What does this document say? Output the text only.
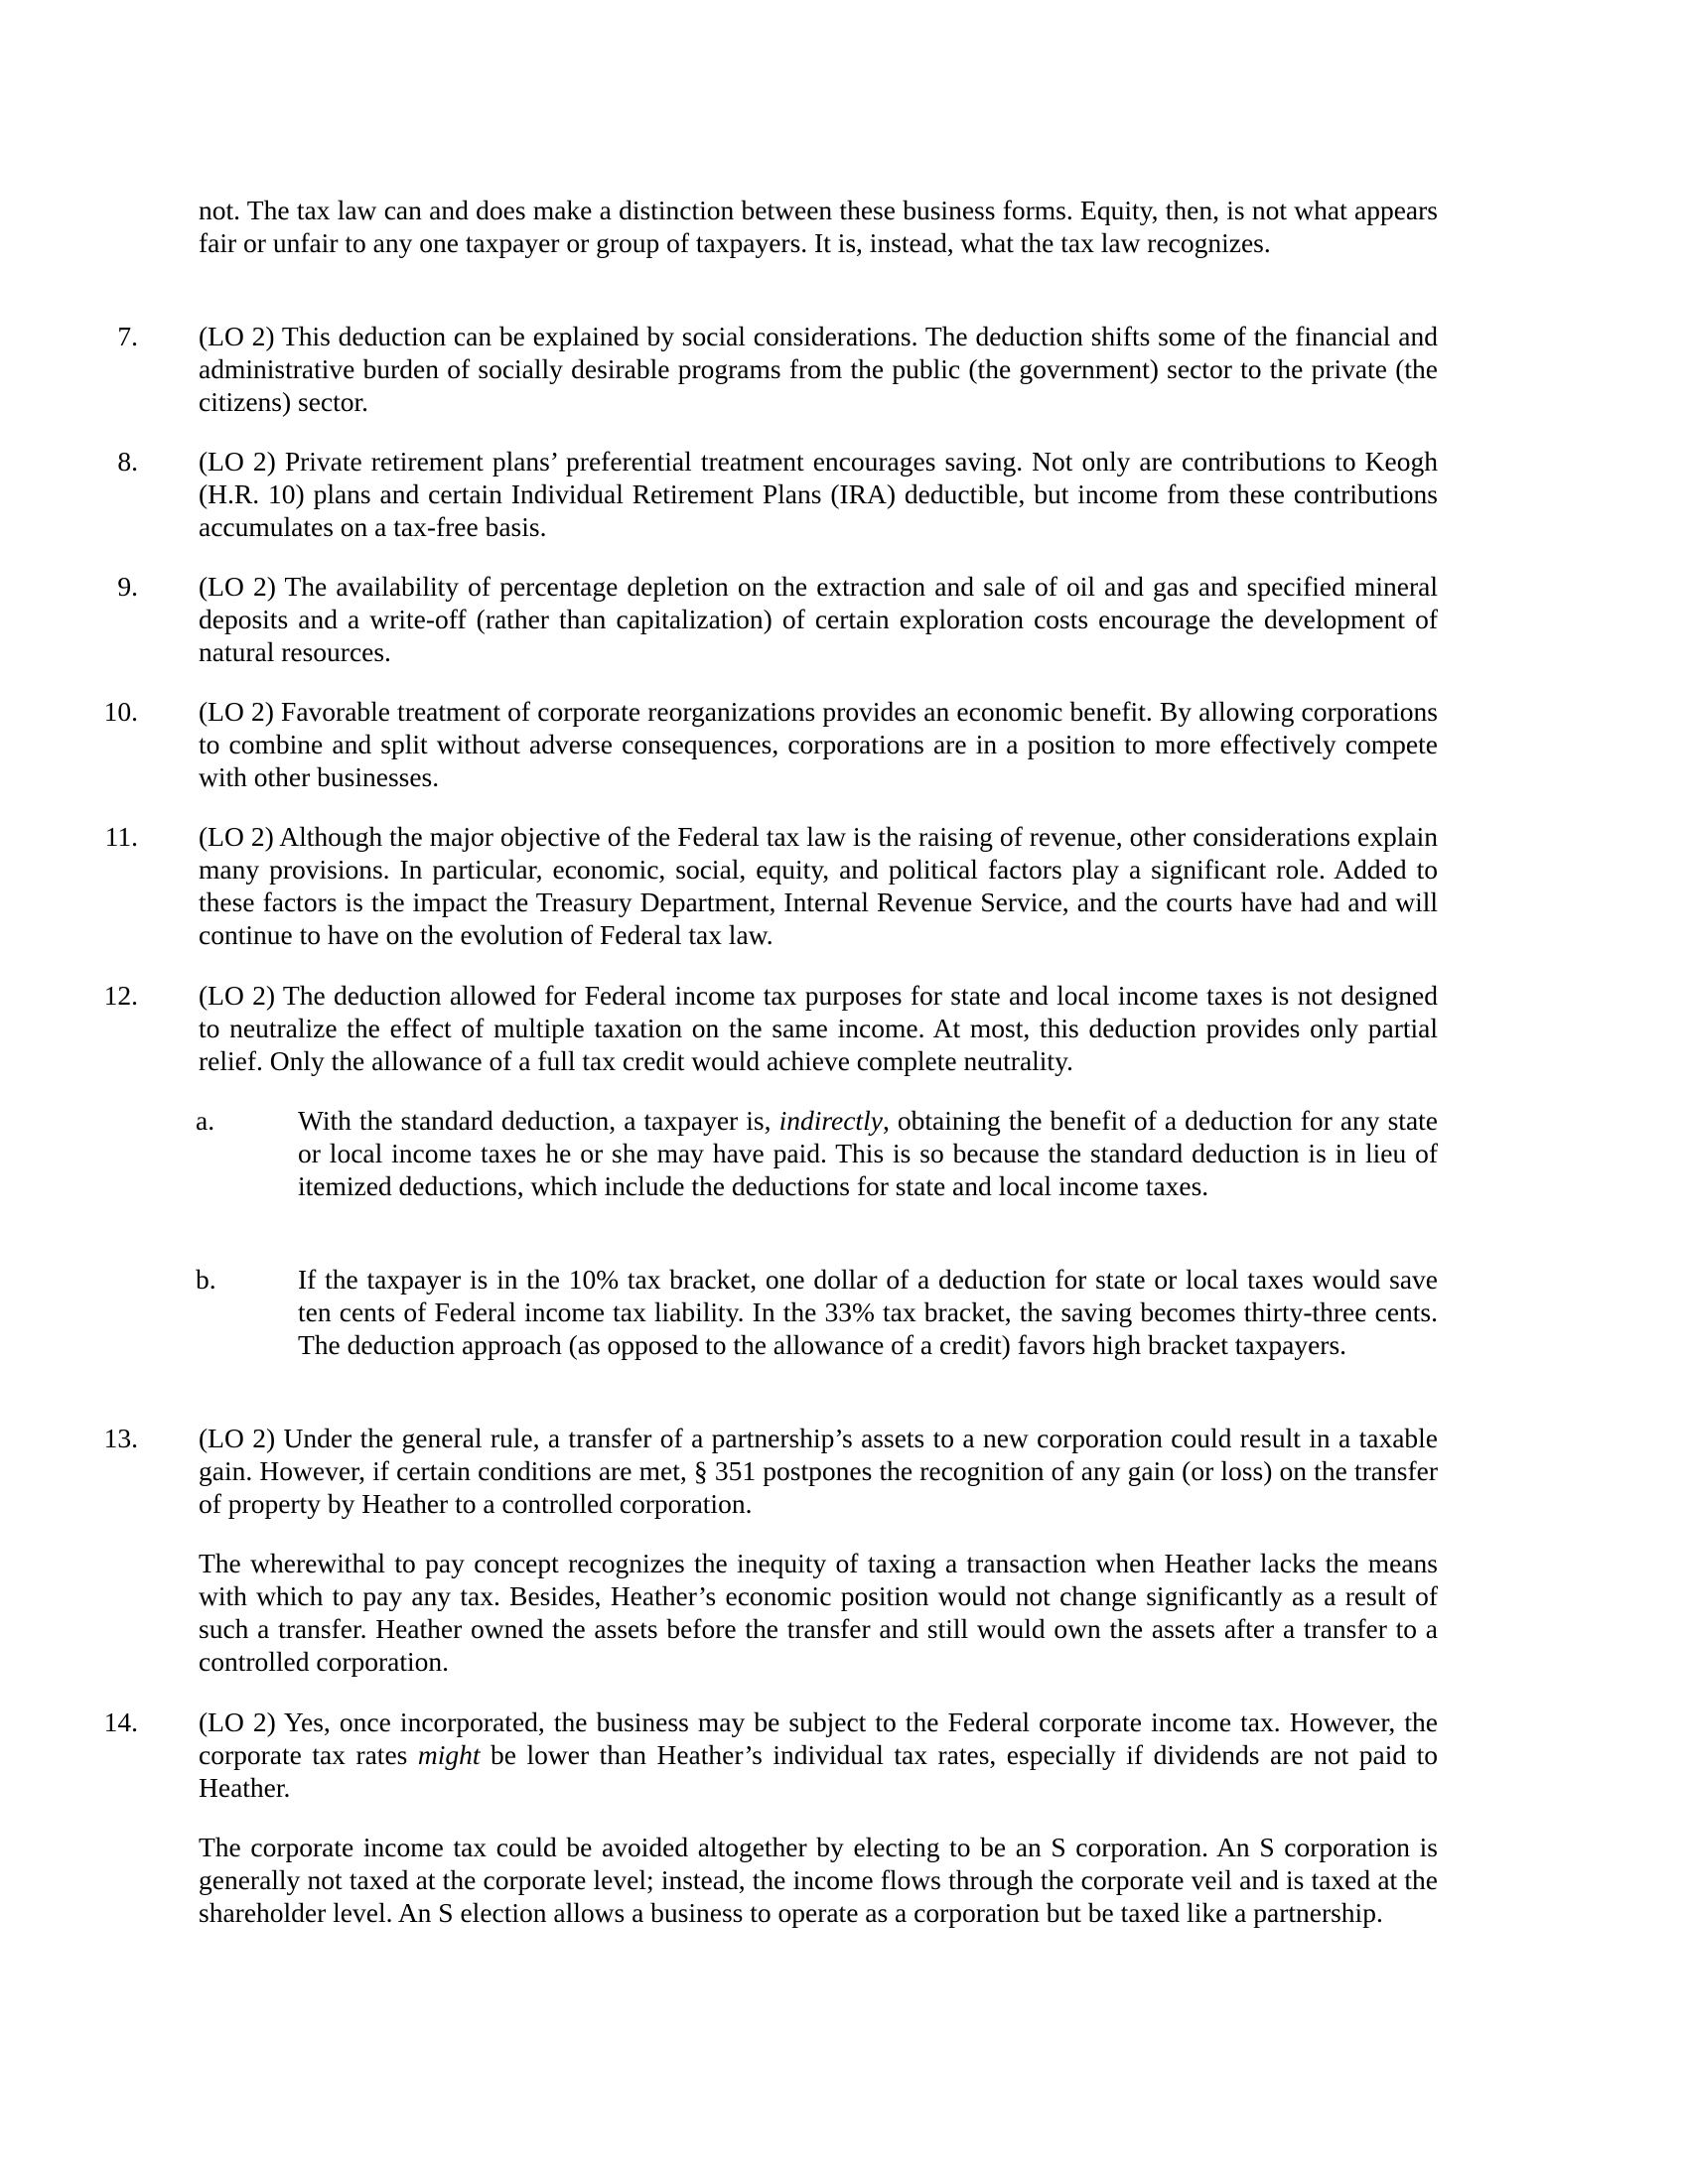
not. The tax law can and does make a distinction between these business forms. Equity, then, is not what appears fair or unfair to any one taxpayer or group of taxpayers. It is, instead, what the tax law recognizes.

7. (LO 2) This deduction can be explained by social considerations. The deduction shifts some of the financial and administrative burden of socially desirable programs from the public (the government) sector to the private (the citizens) sector.
8. (LO 2) Private retirement plans’ preferential treatment encourages saving. Not only are contributions to Keogh (H.R. 10) plans and certain Individual Retirement Plans (IRA) deductible, but income from these contributions accumulates on a tax-free basis.
9. (LO 2) The availability of percentage depletion on the extraction and sale of oil and gas and specified mineral deposits and a write-off (rather than capitalization) of certain exploration costs encourage the development of natural resources.
10. (LO 2) Favorable treatment of corporate reorganizations provides an economic benefit. By allowing corporations to combine and split without adverse consequences, corporations are in a position to more effectively compete with other businesses.
11. (LO 2) Although the major objective of the Federal tax law is the raising of revenue, other considerations explain many provisions. In particular, economic, social, equity, and political factors play a significant role. Added to these factors is the impact the Treasury Department, Internal Revenue Service, and the courts have had and will continue to have on the evolution of Federal tax law.
12. (LO 2) The deduction allowed for Federal income tax purposes for state and local income taxes is not designed to neutralize the effect of multiple taxation on the same income. At most, this deduction provides only partial relief. Only the allowance of a full tax credit would achieve complete neutrality.
a.	With the standard deduction, a taxpayer is, indirectly, obtaining the benefit of a deduction for any state or local income taxes he or she may have paid. This is so because the standard deduction is in lieu of itemized deductions, which include the deductions for state and local income taxes.
b.	If the taxpayer is in the 10% tax bracket, one dollar of a deduction for state or local taxes would save ten cents of Federal income tax liability. In the 33% tax bracket, the saving becomes thirty-three cents. The deduction approach (as opposed to the allowance of a credit) favors high bracket taxpayers.
13. (LO 2) Under the general rule, a transfer of a partnership’s assets to a new corporation could result in a taxable gain. However, if certain conditions are met, § 351 postpones the recognition of any gain (or loss) on the transfer of property by Heather to a controlled corporation.

The wherewithal to pay concept recognizes the inequity of taxing a transaction when Heather lacks the means with which to pay any tax. Besides, Heather’s economic position would not change significantly as a result of such a transfer. Heather owned the assets before the transfer and still would own the assets after a transfer to a controlled corporation.

14. (LO 2) Yes, once incorporated, the business may be subject to the Federal corporate income tax. However, the corporate tax rates might be lower than Heather’s individual tax rates, especially if dividends are not paid to Heather.

The corporate income tax could be avoided altogether by electing to be an S corporation. An S corporation is generally not taxed at the corporate level; instead, the income flows through the corporate veil and is taxed at the shareholder level. An S election allows a business to operate as a corporation but be taxed like a partnership.
